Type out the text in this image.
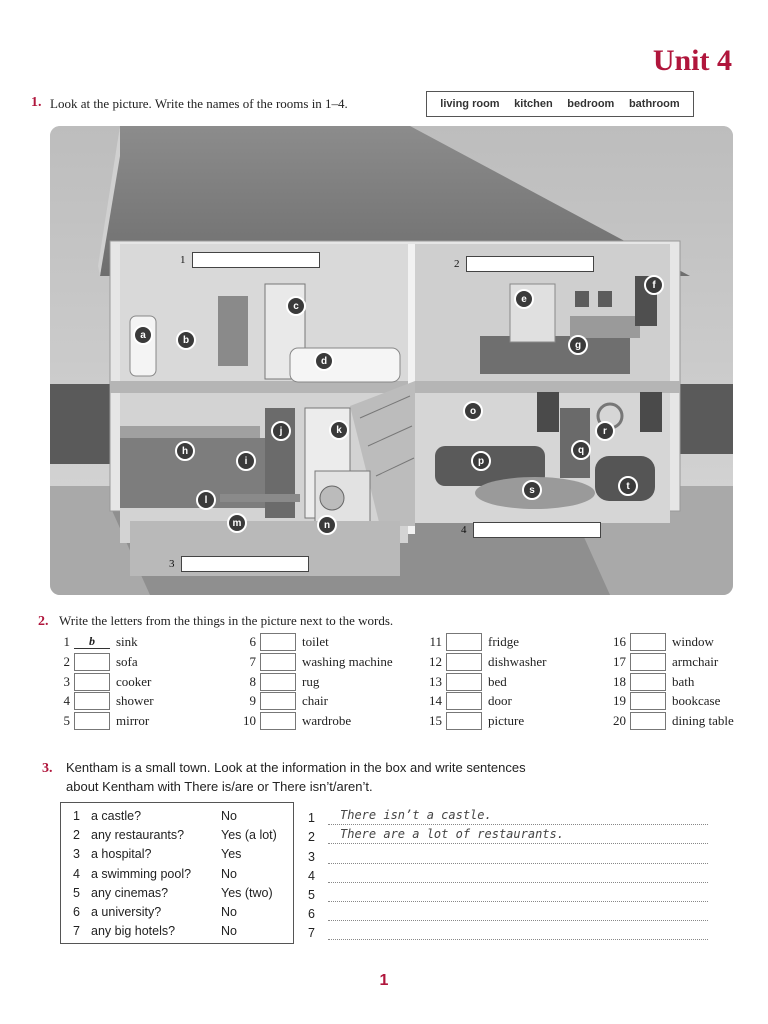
Unit 4
1. Look at the picture. Write the names of the rooms in 1–4.	living room kitchen bedroom bathroom
1	2
3
4
a	b
c
d
e
f
g
h
i
j	k
l
m	n
o
p
q
r
s	t
2. Write the letters from the things in the picture next to the words.
1	b	sink
2	sofa
3	cooker
4	shower
5	mirror
6	toilet
7	washing machine
8	rug
9	chair
10	wardrobe
11	fridge
12	dishwasher
13	bed
14	door
15	picture
16	window
17	armchair
18	bath
19	bookcase
20	dining table
3. Kentham is a small town. Look at the information in the box and write sentences
about Kentham with There is/are or There isn’t/aren’t.
1 a castle?	No
2 any restaurants?	Yes (a lot)
3 a hospital?	Yes
4 a swimming pool?	No
5 any cinemas?	Yes (two)
6 a university?	No
7 any big hotels?	No
1	There isn’t a castle.
2	There are a lot of restaurants.
3
4
5
6
7
1
